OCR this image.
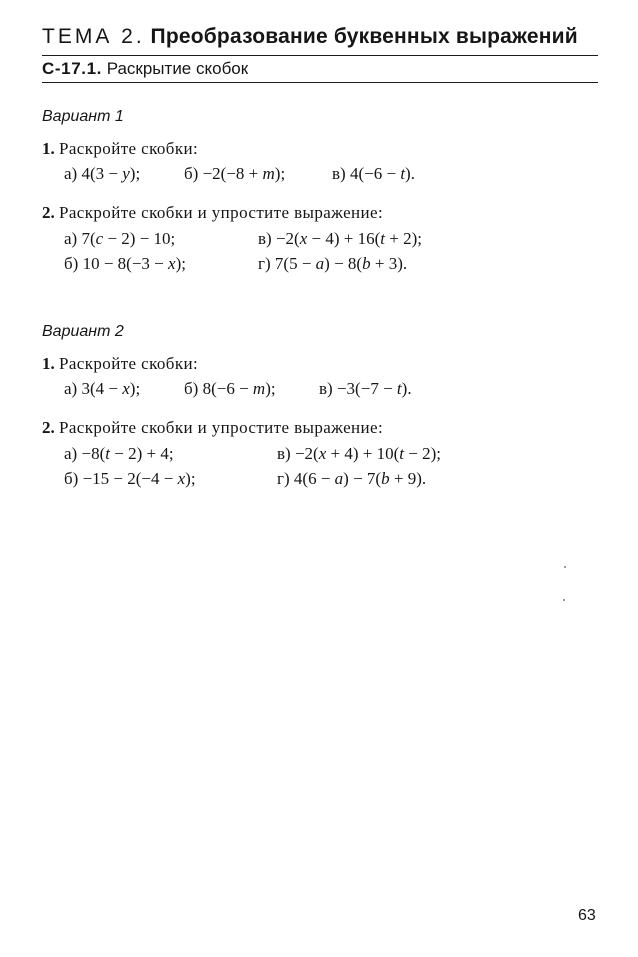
ТЕМА 2. Преобразование буквенных выражений
С-17.1. Раскрытие скобок
Вариант 1
1. Раскройте скобки:
а) 4(3 − y);	б) −2(−8 + m);	в) 4(−6 − t).
2. Раскройте скобки и упростите выражение:
а) 7(c − 2) − 10;	в) −2(x − 4) + 16(t + 2);
б) 10 − 8(−3 − x);	г) 7(5 − a) − 8(b + 3).
Вариант 2
1. Раскройте скобки:
а) 3(4 − x);	б) 8(−6 − m);	в) −3(−7 − t).
2. Раскройте скобки и упростите выражение:
а) −8(t − 2) + 4;	в) −2(x + 4) + 10(t − 2);
б) −15 − 2(−4 − x);	г) 4(6 − a) − 7(b + 9).
63
